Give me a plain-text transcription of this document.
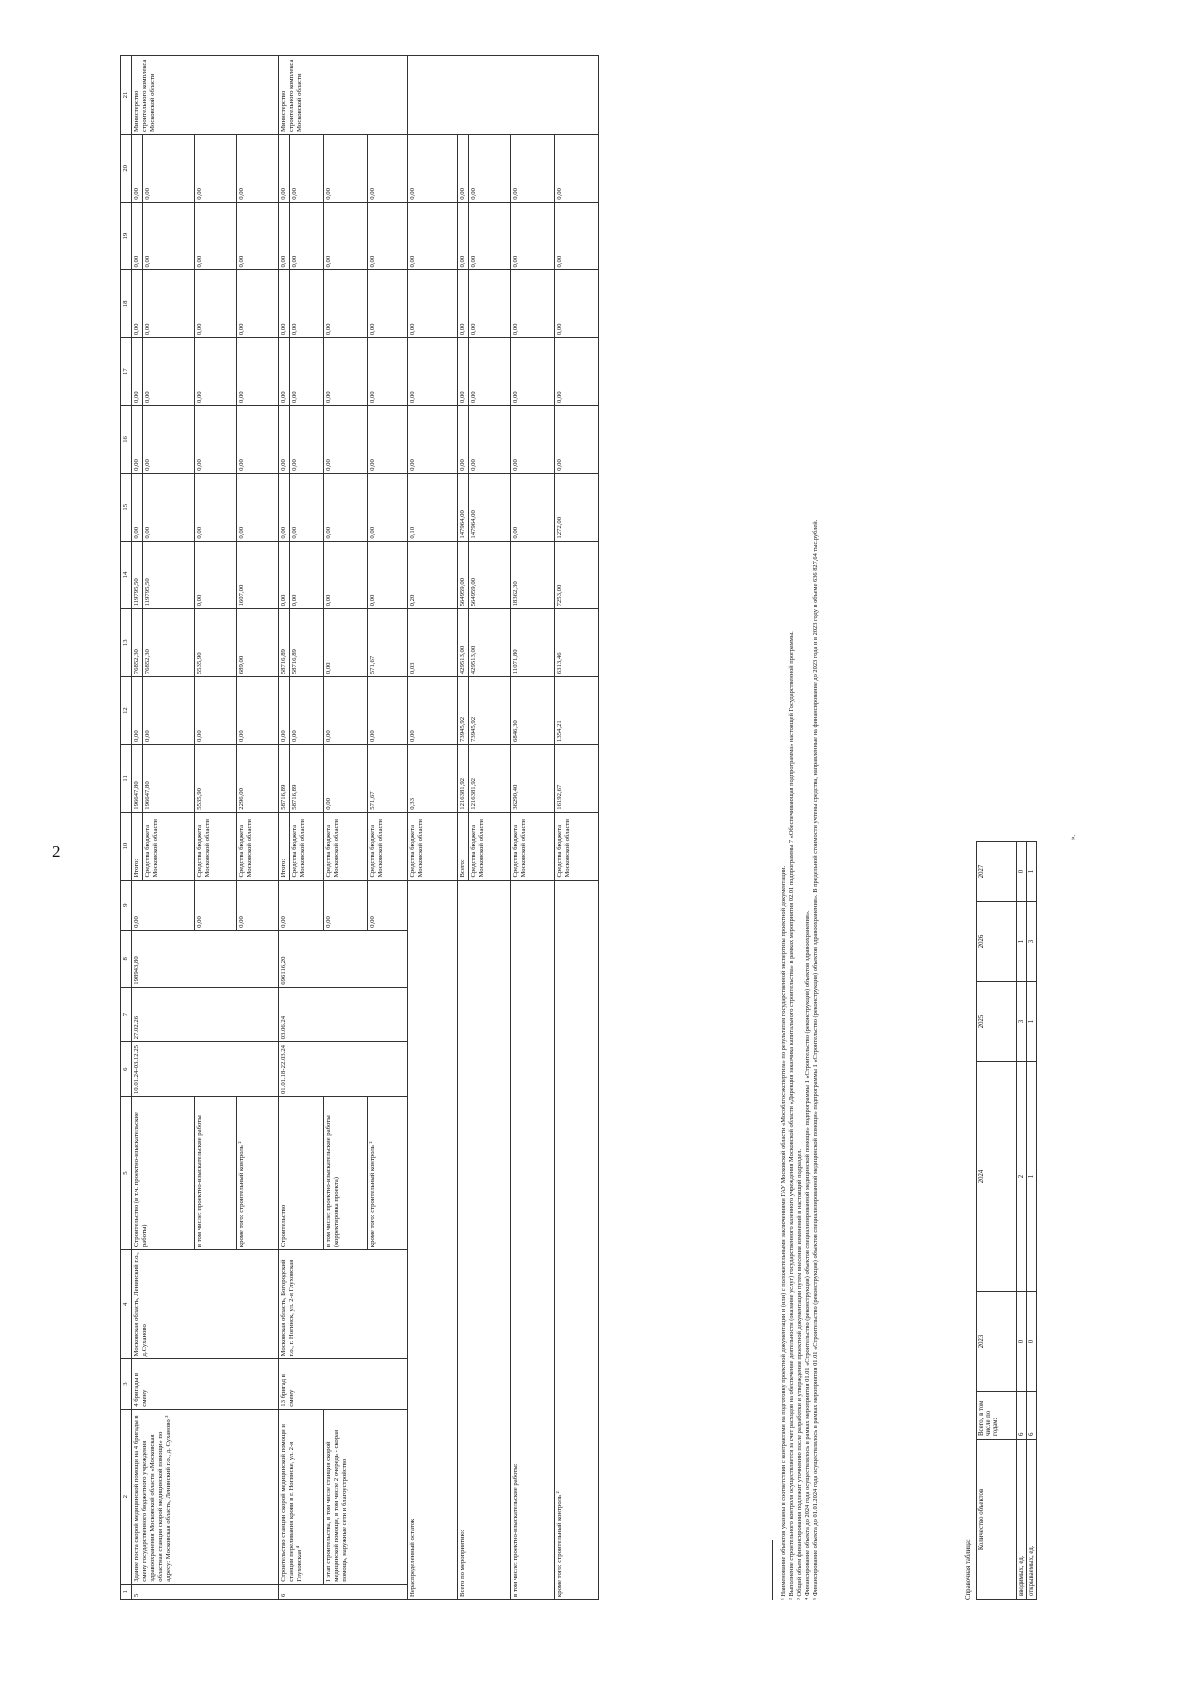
2
1	2	3	4	5	6	7	8	9	10	11	12	13	14	15	16	17	18	19	20	21
5	Здание поста скорой медицинской помощи на 4 бригады в смену государственного бюджетного учреждения здравоохранения Московской области «Московская областная станция скорой медицинской помощи» по адресу: Московская область, Ленинский г.о., д. Суханово ³	4 бригады в смену	Московская область, Ленинский г.о., д.Суханово	Строительство (в т.ч. проектно-изыскательские работы)	10.01.24-03.12.25	27.02.26	198943,80	0,00	Итого:	196647,80	0,00	76852,30	119795,50	0,00	0,00	0,00	0,00	0,00	0,00	Министерство строительного комплекса Московской области
									Средства бюджета Московской области	196647,80	0,00	76852,30	119795,50	0,00	0,00	0,00	0,00	0,00	0,00	
				в том числе: проектно-изыскательские работы				0,00	Средства бюджета Московской области	5535,90	0,00	5535,90	0,00	0,00	0,00	0,00	0,00	0,00	0,00	
				кроме того: строительный контроль ²				0,00	Средства бюджета Московской области	2296,00	0,00	689,00	1607,00	0,00	0,00	0,00	0,00	0,00	0,00	
6	Строительство станции скорой медицинской помощи и станции переливания крови в г. Ногинске, ул. 2-я Глуховская ⁴	13 бригад в смену	Московская область, Богородский г.о., г. Ногинск, ул. 2-я Глуховская	Строительство	01.01.18-22.03.24	03.06.24	696116,20	0,00	Итого:	58716,89	0,00	58716,89	0,00	0,00	0,00	0,00	0,00	0,00	0,00	Министерство строительного комплекса Московской области
									Средства бюджета Московской области	58716,89	0,00	58716,89	0,00	0,00	0,00	0,00	0,00	0,00	0,00	
	I этап строительства, в том числе станция скорой медицинской помощи, в том числе 2 очередь - скорая помощь, наружные сети и благоустройство			в том числе: проектно-изыскательские работы (корректировка проекта)				0,00	Средства бюджета Московской области	0,00	0,00	0,00	0,00	0,00	0,00	0,00	0,00	0,00	0,00	
				кроме того: строительный контроль ²				0,00	Средства бюджета Московской области	571,67	0,00	571,67	0,00	0,00	0,00	0,00	0,00	0,00	0,00	
Нераспределенный остаток									Средства бюджета Московской области	0,33	0,00	0,03	0,20	0,10	0,00	0,00	0,00	0,00	0,00	
Всего по мероприятию:									Всего:	1216381,92	73945,92	429513,00	564959,00	147964,00	0,00	0,00	0,00	0,00	0,00	
									Средства бюджета Московской области	1216381,92	73945,92	429513,00	564959,00	147964,00	0,00	0,00	0,00	0,00	0,00	
в том числе: проектно-изыскательские работы:									Средства бюджета Московской области	36290,40	6846,30	11071,80	18362,30	0,00	0,00	0,00	0,00	0,00	0,00	
кроме того: строительный контроль ²									Средства бюджета Московской области	16192,67	1354,21	6313,46	7253,00	1272,00	0,00	0,00	0,00	0,00	0,00	

¹ Наименование объектов указаны в соответствии с контрактами на подготовку проектной документации и (или) с положительными заключениями ГАУ Московской области «Мособлгосэкспертиза» по результатам государственной экспертизы проектной документации. ² Выполнение строительного контроля осуществляется за счет расходов на обеспечение деятельности (оказание услуг) государственного казенного учреждения Московской области «Дирекция заказчика капитального строительства» в рамках мероприятия 02.01 подпрограммы 7 «Обеспечивающая подпрограмма» настоящей Государственной программы. ³ Общий объем финансирования подлежит уточнению после разработки и утверждения проектной документации путем внесения изменений в настоящий подраздел. ⁴ Финансирование объекта до 2024 года осуществлялось в рамках мероприятия 01.01 «Строительство (реконструкция) объектов специализированной медицинской помощи» подпрограммы 1 «Строительство (реконструкция) объектов здравоохранения». ⁵ Финансирование объекта до 01.01.2024 года осуществлялось в рамках мероприятия 01.01 «Строительство (реконструкция) объектов специализированной медицинской помощи» подпрограммы 1 «Строительство (реконструкция) объектов здравоохранения». В предельной стоимости учтены средства, направленные на финансирование до 2023 года и в 2023 году в объеме 636 827,64 тыс.рублей.	Справочная таблица:
Количество объектов	Всего, в том числе по годам:	2023	2024	2025	2026	2027
вводимых, ед.	6	0	2	3	1	0
открываемых, ед.	6	0	1	1	3	1
».
